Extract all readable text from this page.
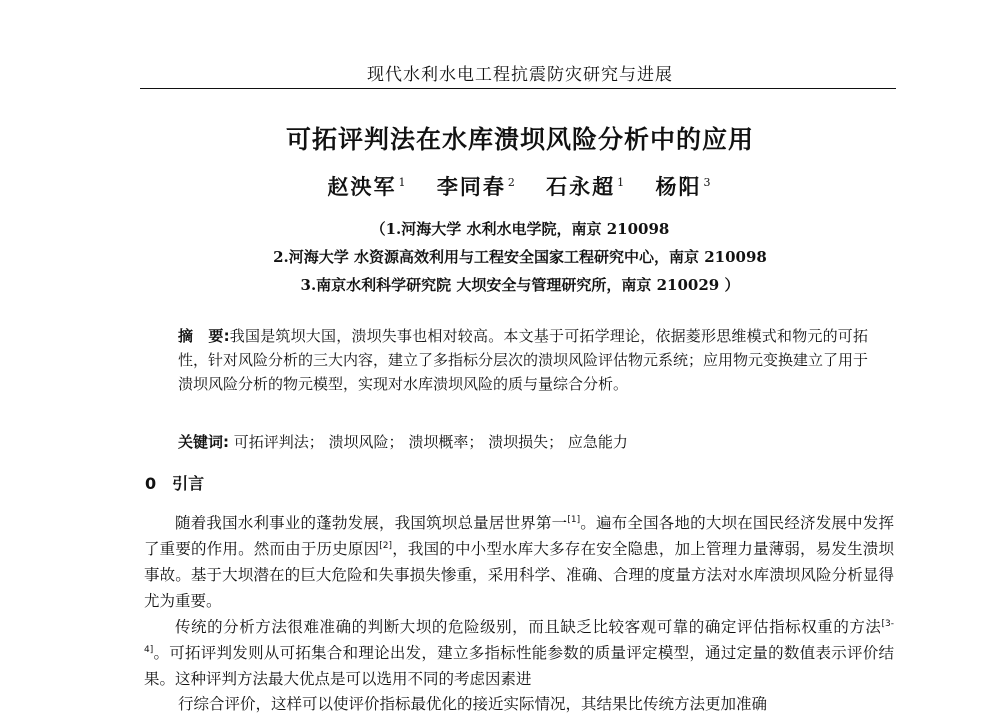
现代水利水电工程抗震防灾研究与进展
可拓评判法在水库溃坝风险分析中的应用
赵泱军 $^1$ 李同春 $^2$ 石永超 $^1$ 杨阳 $^3$
（1.河海大学 水利水电学院，南京 210098
2.河海大学 水资源高效利用与工程安全国家工程研究中心，南京 210098
3.南京水利科学研究院 大坝安全与管理研究所，南京 210029 ）
摘　要:我国是筑坝大国，溃坝失事也相对较高。本文基于可拓学理论，依据菱形思维模式和物元的可拓性，针对风险分析的三大内容，建立了多指标分层次的溃坝风险评估物元系统；应用物元变换建立了用于溃坝风险分析的物元模型，实现对水库溃坝风险的质与量综合分析。
关键词: 可拓评判法； 溃坝风险； 溃坝概率； 溃坝损失； 应急能力
0 引言
随着我国水利事业的蓬勃发展，我国筑坝总量居世界第一[1]。遍布全国各地的大坝在国民经济发展中发挥了重要的作用。然而由于历史原因[2]，我国的中小型水库大多存在安全隐患，加上管理力量薄弱，易发生溃坝事故。基于大坝潜在的巨大危险和失事损失惨重，采用科学、准确、合理的度量方法对水库溃坝风险分析显得尤为重要。
传统的分析方法很难准确的判断大坝的危险级别，而且缺乏比较客观可靠的确定评估指标权重的方法[3-4]。可拓评判发则从可拓集合和理论出发，建立多指标性能参数的质量评定模型，通过定量的数值表示评价结果。这种评判方法最大优点是可以选用不同的考虑因素进
行综合评价，这样可以使评价指标最优化的接近实际情况，其结果比传统方法更加准确
